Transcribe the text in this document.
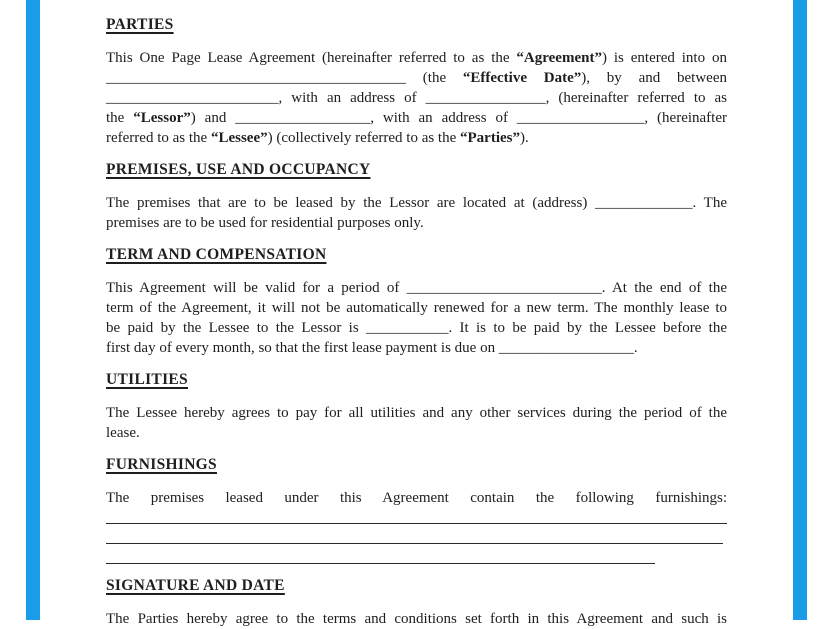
PARTIES
This One Page Lease Agreement (hereinafter referred to as the “Agreement”) is entered into on
________________________________________ (the “Effective Date”), by and between
_______________________, with an address of ________________, (hereinafter referred to as
the “Lessor”) and __________________, with an address of _________________, (hereinafter
referred to as the “Lessee”) (collectively referred to as the “Parties”).
PREMISES, USE AND OCCUPANCY
The premises that are to be leased by the Lessor are located at (address) _____________. The
premises are to be used for residential purposes only.
TERM AND COMPENSATION
This Agreement will be valid for a period of __________________________. At the end of the
term of the Agreement, it will not be automatically renewed for a new term. The monthly lease to
be paid by the Lessee to the Lessor is ___________. It is to be paid by the Lessee before the
first day of every month, so that the first lease payment is due on __________________.
UTILITIES
The Lessee hereby agrees to pay for all utilities and any other services during the period of the
lease.
FURNISHINGS
The premises leased under this Agreement contain the following furnishings:
SIGNATURE AND DATE
The Parties hereby agree to the terms and conditions set forth in this Agreement and such is
